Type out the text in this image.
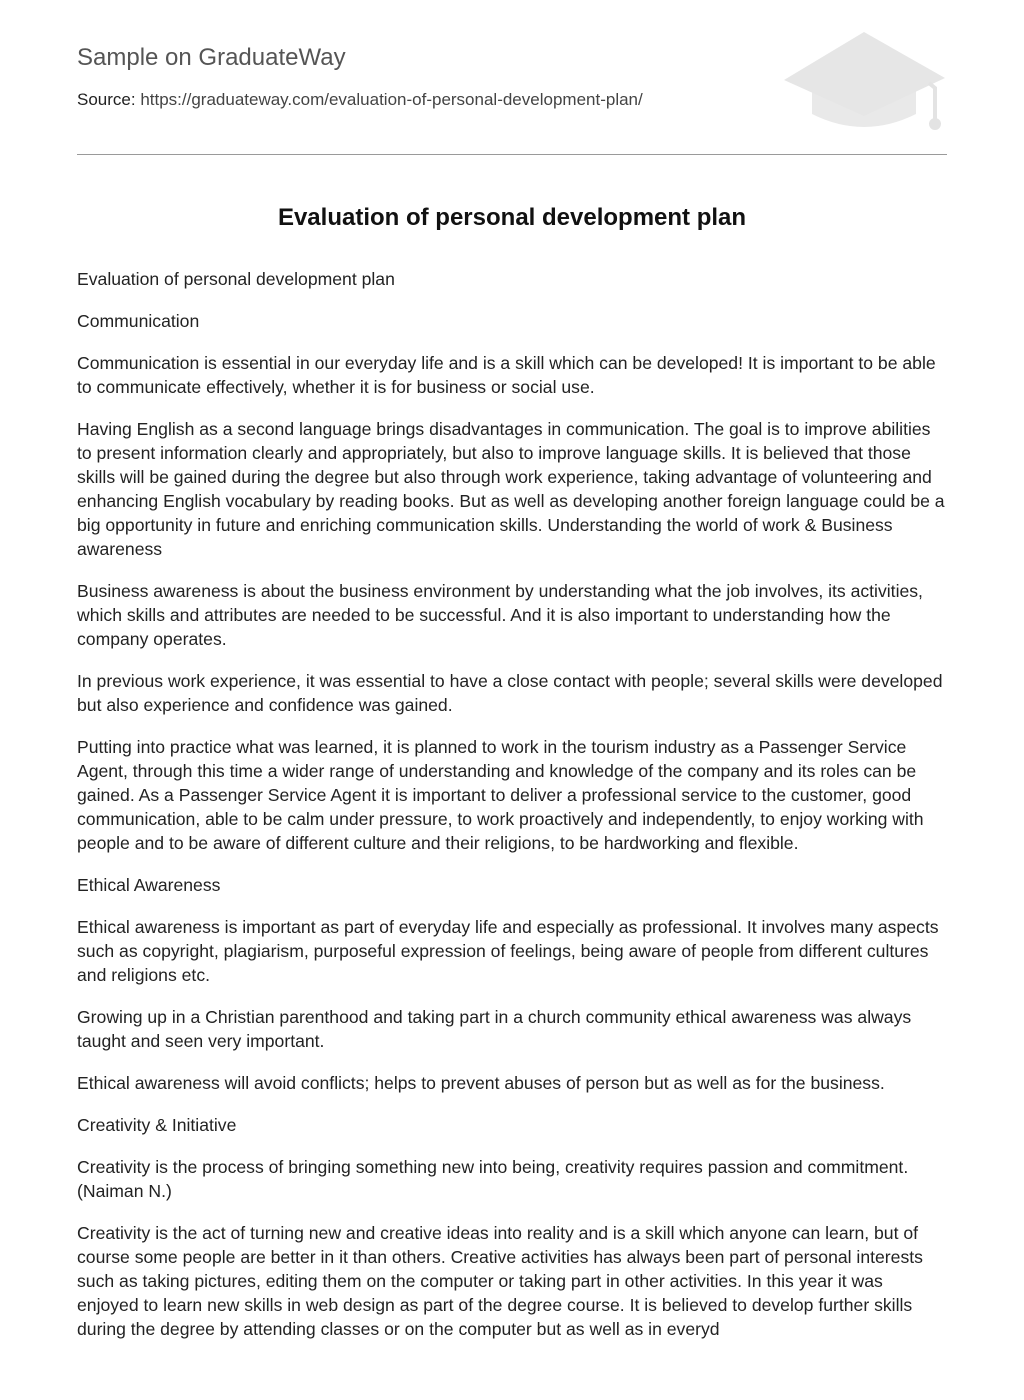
Sample on GraduateWay
Source: https://graduateway.com/evaluation-of-personal-development-plan/
Evaluation of personal development plan

Evaluation of personal development plan

Communication

Communication is essential in our everyday life and is a skill which can be developed! It is important to be able to communicate effectively, whether it is for business or social use.

Having English as a second language brings disadvantages in communication. The goal is to improve abilities to present information clearly and appropriately, but also to improve language skills. It is believed that those skills will be gained during the degree but also through work experience, taking advantage of volunteering and enhancing English vocabulary by reading books. But as well as developing another foreign language could be a big opportunity in future and enriching communication skills. Understanding the world of work & Business awareness

Business awareness is about the business environment by understanding what the job involves, its activities, which skills and attributes are needed to be successful. And it is also important to understanding how the company operates.

In previous work experience, it was essential to have a close contact with people; several skills were developed but also experience and confidence was gained.

Putting into practice what was learned, it is planned to work in the tourism industry as a Passenger Service Agent, through this time a wider range of understanding and knowledge of the company and its roles can be gained. As a Passenger Service Agent it is important to deliver a professional service to the customer, good communication, able to be calm under pressure, to work proactively and independently, to enjoy working with people and to be aware of different culture and their religions, to be hardworking and flexible.

Ethical Awareness

Ethical awareness is important as part of everyday life and especially as professional. It involves many aspects such as copyright, plagiarism, purposeful expression of feelings, being aware of people from different cultures and religions etc.

Growing up in a Christian parenthood and taking part in a church community ethical awareness was always taught and seen very important.

Ethical awareness will avoid conflicts; helps to prevent abuses of person but as well as for the business.

Creativity & Initiative

Creativity is the process of bringing something new into being, creativity requires passion and commitment. (Naiman N.)

Creativity is the act of turning new and creative ideas into reality and is a skill which anyone can learn, but of course some people are better in it than others. Creative activities has always been part of personal interests such as taking pictures, editing them on the computer or taking part in other activities. In this year it was enjoyed to learn new skills in web design as part of the degree course. It is believed to develop further skills during the degree by attending classes or on the computer but as well as in everyd
